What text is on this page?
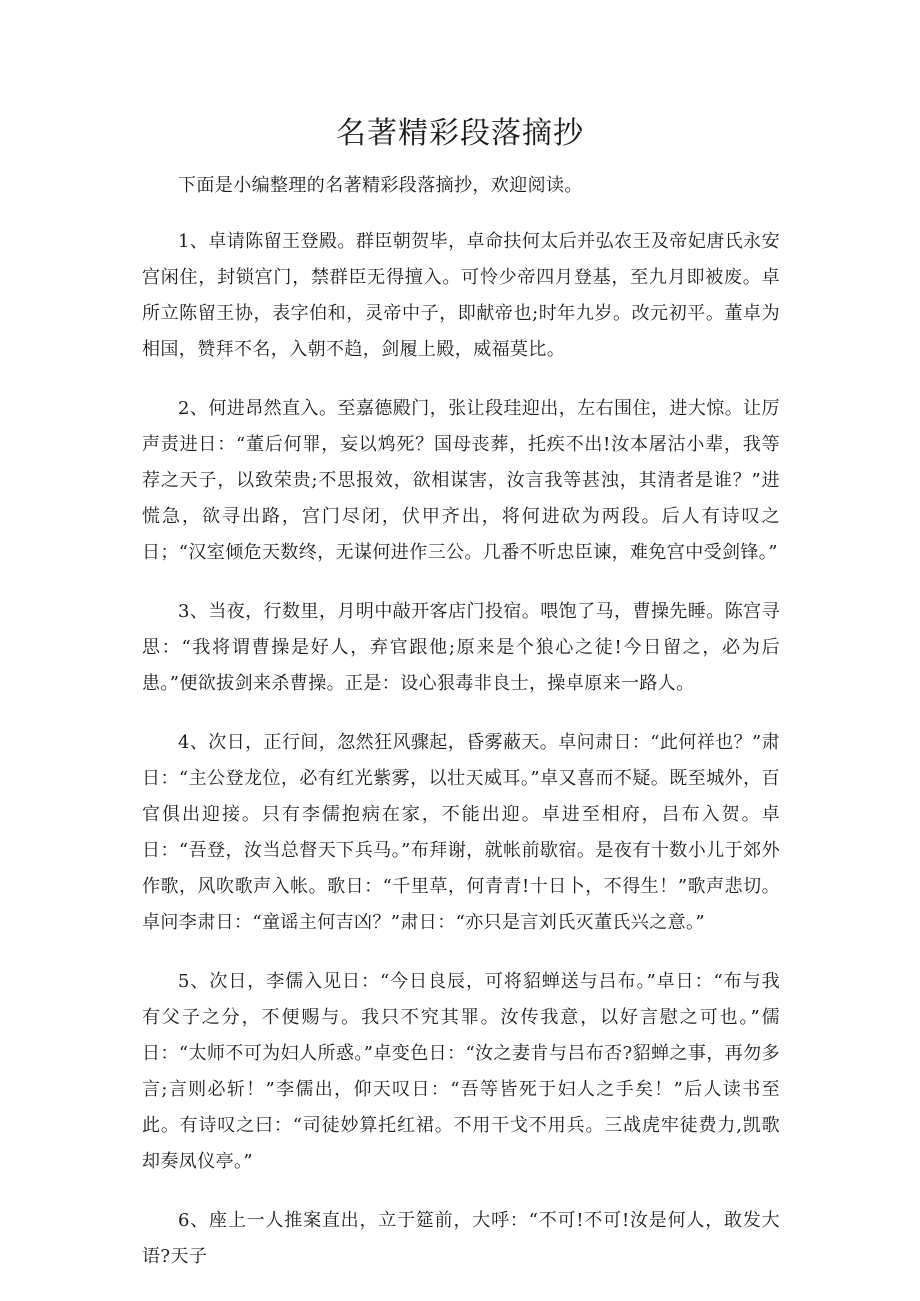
名著精彩段落摘抄

下面是小编整理的名著精彩段落摘抄，欢迎阅读。

1、卓请陈留王登殿。群臣朝贺毕，卓命扶何太后并弘农王及帝妃唐氏永安宫闲住，封锁宫门，禁群臣无得擅入。可怜少帝四月登基，至九月即被废。卓所立陈留王协，表字伯和，灵帝中子，即献帝也;时年九岁。改元初平。董卓为相国，赞拜不名，入朝不趋，剑履上殿，威福莫比。

2、何进昂然直入。至嘉德殿门，张让段珪迎出，左右围住，进大惊。让厉声责进日：“董后何罪，妄以鸩死？国母丧葬，托疾不出!汝本屠沽小辈，我等荐之天子，以致荣贵;不思报效，欲相谋害，汝言我等甚浊，其清者是谁？”进慌急，欲寻出路，宫门尽闭，伏甲齐出，将何进砍为两段。后人有诗叹之日；“汉室倾危天数终，无谋何进作三公。几番不听忠臣谏，难免宫中受剑锋。”

3、当夜，行数里，月明中敲开客店门投宿。喂饱了马，曹操先睡。陈宫寻思：“我将谓曹操是好人，弃官跟他;原来是个狼心之徒!今日留之，必为后患。”便欲拔剑来杀曹操。正是：设心狠毒非良士，操卓原来一路人。

4、次日，正行间，忽然狂风骤起，昏雾蔽天。卓问肃日：“此何祥也？”肃日：“主公登龙位，必有红光紫雾，以壮天威耳。”卓又喜而不疑。既至城外，百官俱出迎接。只有李儒抱病在家，不能出迎。卓进至相府，吕布入贺。卓日：“吾登，汝当总督天下兵马。”布拜谢，就帐前歇宿。是夜有十数小儿于郊外作歌，风吹歌声入帐。歌日：“千里草，何青青!十日卜，不得生！”歌声悲切。卓问李肃日：“童谣主何吉凶？”肃日：“亦只是言刘氏灭董氏兴之意。”

5、次日，李儒入见日：“今日良辰，可将貂蝉送与吕布。”卓日：“布与我有父子之分，不便赐与。我只不究其罪。汝传我意，以好言慰之可也。”儒日：“太师不可为妇人所惑。”卓变色日：“汝之妻肯与吕布否?貂蝉之事，再勿多言;言则必斩！”李儒出，仰天叹日：“吾等皆死于妇人之手矣！”后人读书至此。有诗叹之曰：“司徒妙算托红裙。不用干戈不用兵。三战虎牢徒费力,凯歌却奏凤仪亭。”

6、座上一人推案直出，立于筵前，大呼：“不可!不可!汝是何人，敢发大语?天子
